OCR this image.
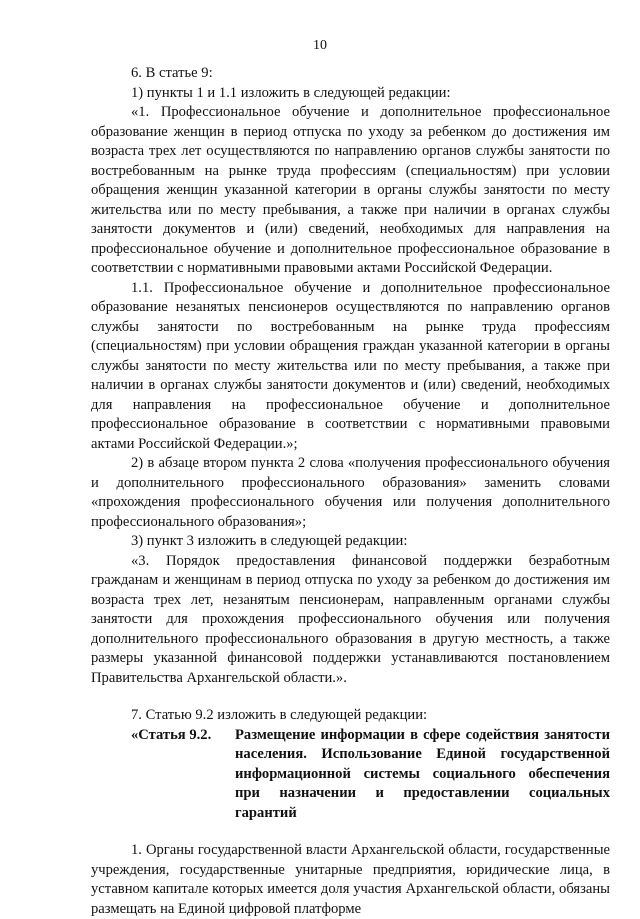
10

6. В статье 9:

1) пункты 1 и 1.1 изложить в следующей редакции:

«1. Профессиональное обучение и дополнительное профессиональное образование женщин в период отпуска по уходу за ребенком до достижения им возраста трех лет осуществляются по направлению органов службы занятости по востребованным на рынке труда профессиям (специальностям) при условии обращения женщин указанной категории в органы службы занятости по месту жительства или по месту пребывания, а также при наличии в органах службы занятости документов и (или) сведений, необходимых для направления на профессиональное обучение и дополнительное профессиональное образование в соответствии с нормативными правовыми актами Российской Федерации.

1.1. Профессиональное обучение и дополнительное профессиональное образование незанятых пенсионеров осуществляются по направлению органов службы занятости по востребованным на рынке труда профессиям (специальностям) при условии обращения граждан указанной категории в органы службы занятости по месту жительства или по месту пребывания, а также при наличии в органах службы занятости документов и (или) сведений, необходимых для направления на профессиональное обучение и дополнительное профессиональное образование в соответствии с нормативными правовыми актами Российской Федерации.»;

2) в абзаце втором пункта 2 слова «получения профессионального обучения и дополнительного профессионального образования» заменить словами «прохождения профессионального обучения или получения дополнительного профессионального образования»;

3) пункт 3 изложить в следующей редакции:

«3. Порядок предоставления финансовой поддержки безработным гражданам и женщинам в период отпуска по уходу за ребенком до достижения им возраста трех лет, незанятым пенсионерам, направленным органами службы занятости для прохождения профессионального обучения или получения дополнительного профессионального образования в другую местность, а также размеры указанной финансовой поддержки устанавливаются постановлением Правительства Архангельской области.».

7. Статью 9.2 изложить в следующей редакции:

«Статья 9.2.	Размещение информации в сфере содействия занятости населения. Использование Единой государственной информационной системы социального обеспечения при назначении и предоставлении социальных гарантий

1. Органы государственной власти Архангельской области, государственные учреждения, государственные унитарные предприятия, юридические лица, в уставном капитале которых имеется доля участия Архангельской области, обязаны размещать на Единой цифровой платформе
